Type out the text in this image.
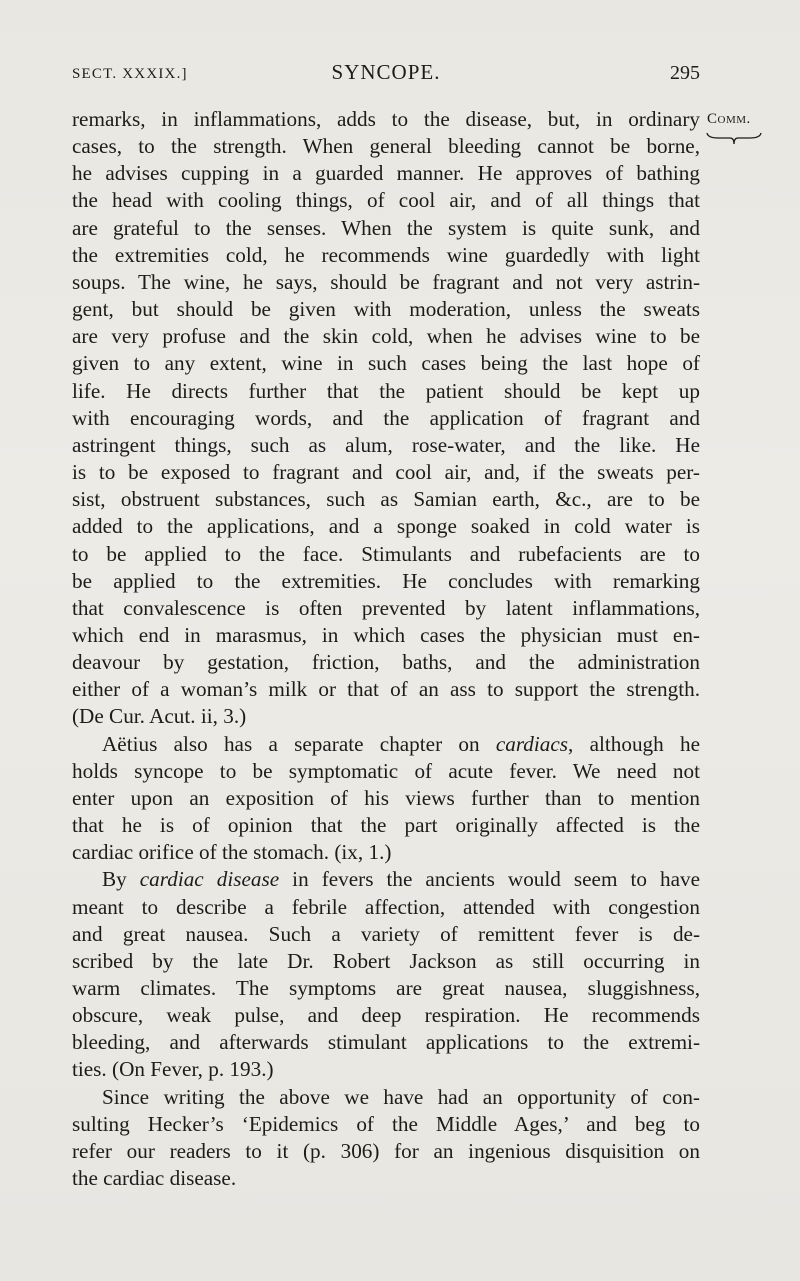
SECT. XXXIX.]	SYNCOPE.	295
Comm.

remarks, in inflammations, adds to the disease, but, in ordinary
cases, to the strength. When general bleeding cannot be borne,
he advises cupping in a guarded manner. He approves of bathing
the head with cooling things, of cool air, and of all things that
are grateful to the senses. When the system is quite sunk, and
the extremities cold, he recommends wine guardedly with light
soups. The wine, he says, should be fragrant and not very astrin-
gent, but should be given with moderation, unless the sweats
are very profuse and the skin cold, when he advises wine to be
given to any extent, wine in such cases being the last hope of
life. He directs further that the patient should be kept up
with encouraging words, and the application of fragrant and
astringent things, such as alum, rose-water, and the like. He
is to be exposed to fragrant and cool air, and, if the sweats per-
sist, obstruent substances, such as Samian earth, &c., are to be
added to the applications, and a sponge soaked in cold water is
to be applied to the face. Stimulants and rubefacients are to
be applied to the extremities. He concludes with remarking
that convalescence is often prevented by latent inflammations,
which end in marasmus, in which cases the physician must en-
deavour by gestation, friction, baths, and the administration
either of a woman’s milk or that of an ass to support the strength.
(De Cur. Acut. ii, 3.)

Aëtius also has a separate chapter on cardiacs, although he
holds syncope to be symptomatic of acute fever. We need not
enter upon an exposition of his views further than to mention
that he is of opinion that the part originally affected is the
cardiac orifice of the stomach. (ix, 1.)

By cardiac disease in fevers the ancients would seem to have
meant to describe a febrile affection, attended with congestion
and great nausea. Such a variety of remittent fever is de-
scribed by the late Dr. Robert Jackson as still occurring in
warm climates. The symptoms are great nausea, sluggishness,
obscure, weak pulse, and deep respiration. He recommends
bleeding, and afterwards stimulant applications to the extremi-
ties. (On Fever, p. 193.)

Since writing the above we have had an opportunity of con-
sulting Hecker’s ‘Epidemics of the Middle Ages,’ and beg to
refer our readers to it (p. 306) for an ingenious disquisition on
the cardiac disease.
